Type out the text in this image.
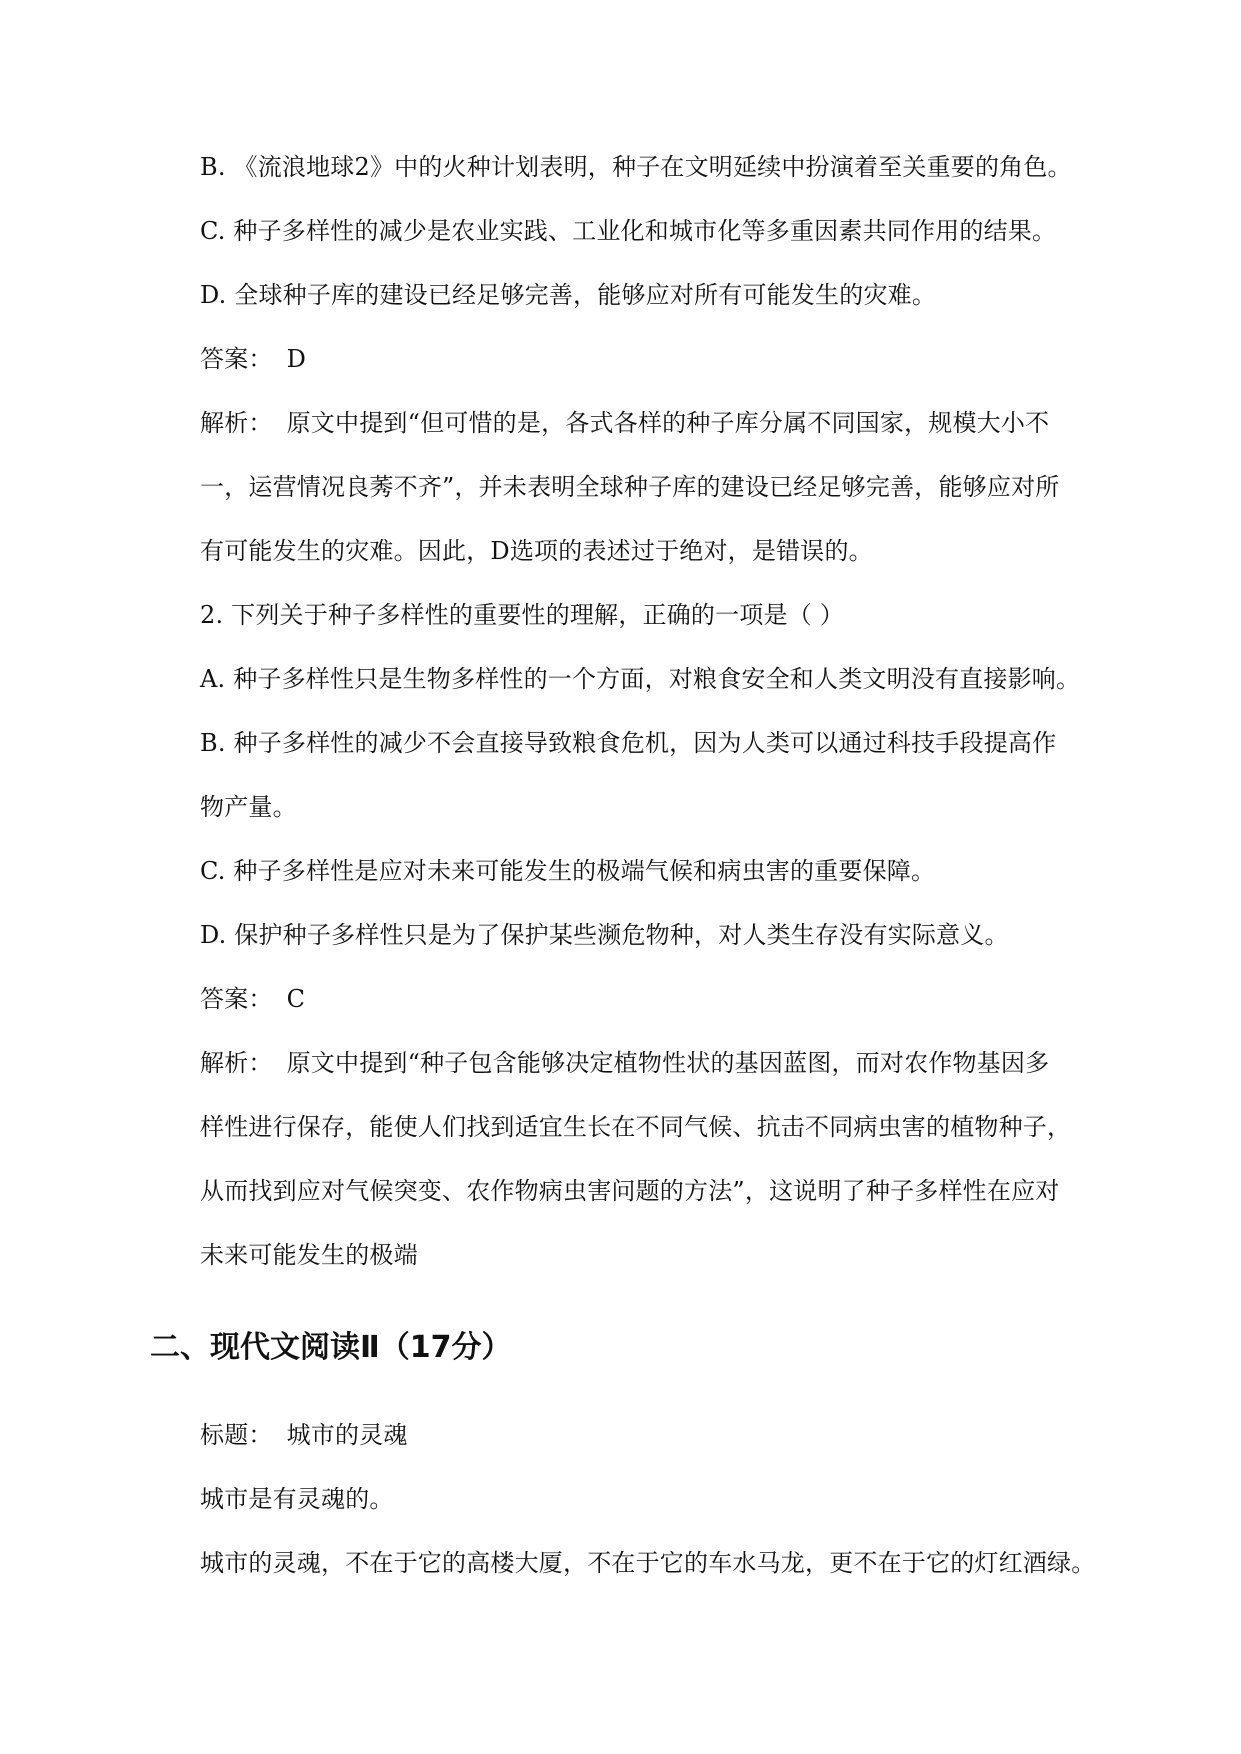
B. 《流浪地球2》中的火种计划表明，种子在文明延续中扮演着至关重要的角色。
C. 种子多样性的减少是农业实践、工业化和城市化等多重因素共同作用的结果。
D. 全球种子库的建设已经足够完善，能够应对所有可能发生的灾难。
答案： D
解析： 原文中提到“但可惜的是，各式各样的种子库分属不同国家，规模大小不
一，运营情况良莠不齐”，并未表明全球种子库的建设已经足够完善，能够应对所
有可能发生的灾难。因此，D选项的表述过于绝对，是错误的。
2. 下列关于种子多样性的重要性的理解，正确的一项是（ ）
A. 种子多样性只是生物多样性的一个方面，对粮食安全和人类文明没有直接影响。
B. 种子多样性的减少不会直接导致粮食危机，因为人类可以通过科技手段提高作
物产量。
C. 种子多样性是应对未来可能发生的极端气候和病虫害的重要保障。
D. 保护种子多样性只是为了保护某些濒危物种，对人类生存没有实际意义。
答案： C
解析： 原文中提到“种子包含能够决定植物性状的基因蓝图，而对农作物基因多
样性进行保存，能使人们找到适宜生长在不同气候、抗击不同病虫害的植物种子，
从而找到应对气候突变、农作物病虫害问题的方法”，这说明了种子多样性在应对
未来可能发生的极端
二、现代文阅读Ⅱ（17分）
标题： 城市的灵魂
城市是有灵魂的。
城市的灵魂，不在于它的高楼大厦，不在于它的车水马龙，更不在于它的灯红酒绿。
